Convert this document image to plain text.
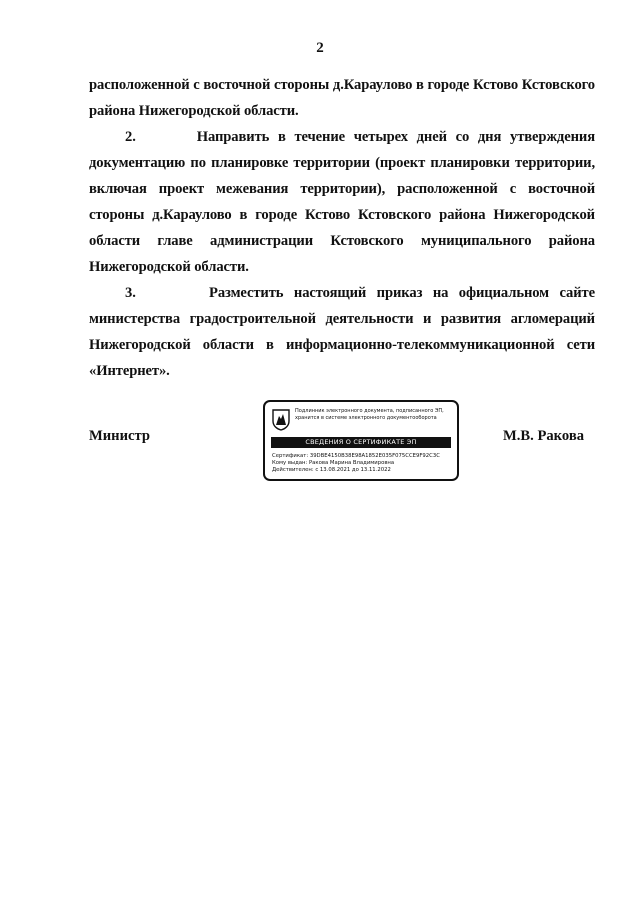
2

расположенной с восточной стороны д.Караулово в городе Кстово Кстовского района Нижегородской области.

2.       Направить в течение четырех дней со дня утверждения документацию по планировке территории (проект планировки территории, включая проект межевания территории), расположенной с восточной стороны д.Караулово в городе Кстово Кстовского района Нижегородской области главе администрации Кстовского муниципального района Нижегородской области.

3.       Разместить настоящий приказ на официальном сайте министерства градостроительной деятельности и развития агломераций Нижегородской области в информационно-телекоммуникационной сети «Интернет».

Министр	М.В. Ракова
Подлинник электронного документа, подписанного ЭП, хранится в системе электронного документооборота
СВЕДЕНИЯ О СЕРТИФИКАТЕ ЭП
Сертификат: 39DBE4150B38E98A1852E035F075CCE9F92C3C
Кому выдан: Ракова Марина Владимировна
Действителен: с 13.08.2021 до 13.11.2022
